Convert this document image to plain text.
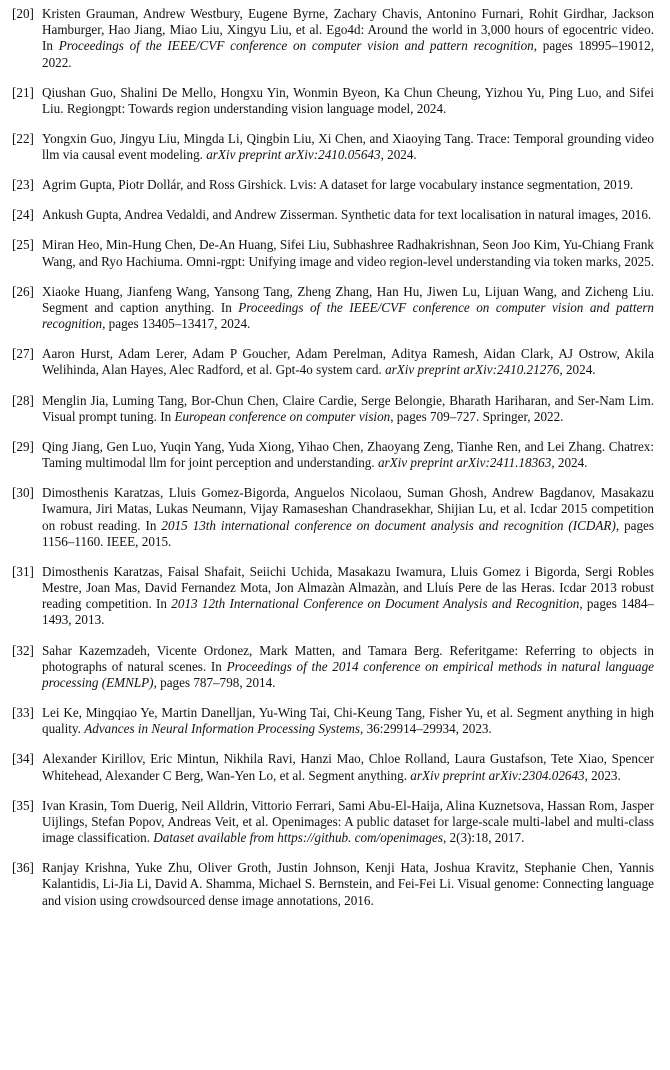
[20] Kristen Grauman, Andrew Westbury, Eugene Byrne, Zachary Chavis, Antonino Furnari, Rohit Girdhar, Jackson Hamburger, Hao Jiang, Miao Liu, Xingyu Liu, et al. Ego4d: Around the world in 3,000 hours of egocentric video. In Proceedings of the IEEE/CVF conference on computer vision and pattern recognition, pages 18995–19012, 2022.
[21] Qiushan Guo, Shalini De Mello, Hongxu Yin, Wonmin Byeon, Ka Chun Cheung, Yizhou Yu, Ping Luo, and Sifei Liu. Regiongpt: Towards region understanding vision language model, 2024.
[22] Yongxin Guo, Jingyu Liu, Mingda Li, Qingbin Liu, Xi Chen, and Xiaoying Tang. Trace: Temporal grounding video llm via causal event modeling. arXiv preprint arXiv:2410.05643, 2024.
[23] Agrim Gupta, Piotr Dollár, and Ross Girshick. Lvis: A dataset for large vocabulary instance segmentation, 2019.
[24] Ankush Gupta, Andrea Vedaldi, and Andrew Zisserman. Synthetic data for text localisation in natural images, 2016.
[25] Miran Heo, Min-Hung Chen, De-An Huang, Sifei Liu, Subhashree Radhakrishnan, Seon Joo Kim, Yu-Chiang Frank Wang, and Ryo Hachiuma. Omni-rgpt: Unifying image and video region-level understanding via token marks, 2025.
[26] Xiaoke Huang, Jianfeng Wang, Yansong Tang, Zheng Zhang, Han Hu, Jiwen Lu, Lijuan Wang, and Zicheng Liu. Segment and caption anything. In Proceedings of the IEEE/CVF conference on computer vision and pattern recognition, pages 13405–13417, 2024.
[27] Aaron Hurst, Adam Lerer, Adam P Goucher, Adam Perelman, Aditya Ramesh, Aidan Clark, AJ Ostrow, Akila Welihinda, Alan Hayes, Alec Radford, et al. Gpt-4o system card. arXiv preprint arXiv:2410.21276, 2024.
[28] Menglin Jia, Luming Tang, Bor-Chun Chen, Claire Cardie, Serge Belongie, Bharath Hariharan, and Ser-Nam Lim. Visual prompt tuning. In European conference on computer vision, pages 709–727. Springer, 2022.
[29] Qing Jiang, Gen Luo, Yuqin Yang, Yuda Xiong, Yihao Chen, Zhaoyang Zeng, Tianhe Ren, and Lei Zhang. Chatrex: Taming multimodal llm for joint perception and understanding. arXiv preprint arXiv:2411.18363, 2024.
[30] Dimosthenis Karatzas, Lluis Gomez-Bigorda, Anguelos Nicolaou, Suman Ghosh, Andrew Bagdanov, Masakazu Iwamura, Jiri Matas, Lukas Neumann, Vijay Ramaseshan Chandrasekhar, Shijian Lu, et al. Icdar 2015 competition on robust reading. In 2015 13th international conference on document analysis and recognition (ICDAR), pages 1156–1160. IEEE, 2015.
[31] Dimosthenis Karatzas, Faisal Shafait, Seiichi Uchida, Masakazu Iwamura, Lluis Gomez i Bigorda, Sergi Robles Mestre, Joan Mas, David Fernandez Mota, Jon Almazàn Almazàn, and Lluís Pere de las Heras. Icdar 2013 robust reading competition. In 2013 12th International Conference on Document Analysis and Recognition, pages 1484–1493, 2013.
[32] Sahar Kazemzadeh, Vicente Ordonez, Mark Matten, and Tamara Berg. Referitgame: Referring to objects in photographs of natural scenes. In Proceedings of the 2014 conference on empirical methods in natural language processing (EMNLP), pages 787–798, 2014.
[33] Lei Ke, Mingqiao Ye, Martin Danelljan, Yu-Wing Tai, Chi-Keung Tang, Fisher Yu, et al. Segment anything in high quality. Advances in Neural Information Processing Systems, 36:29914–29934, 2023.
[34] Alexander Kirillov, Eric Mintun, Nikhila Ravi, Hanzi Mao, Chloe Rolland, Laura Gustafson, Tete Xiao, Spencer Whitehead, Alexander C Berg, Wan-Yen Lo, et al. Segment anything. arXiv preprint arXiv:2304.02643, 2023.
[35] Ivan Krasin, Tom Duerig, Neil Alldrin, Vittorio Ferrari, Sami Abu-El-Haija, Alina Kuznetsova, Hassan Rom, Jasper Uijlings, Stefan Popov, Andreas Veit, et al. Openimages: A public dataset for large-scale multi-label and multi-class image classification. Dataset available from https://github. com/openimages, 2(3):18, 2017.
[36] Ranjay Krishna, Yuke Zhu, Oliver Groth, Justin Johnson, Kenji Hata, Joshua Kravitz, Stephanie Chen, Yannis Kalantidis, Li-Jia Li, David A. Shamma, Michael S. Bernstein, and Fei-Fei Li. Visual genome: Connecting language and vision using crowdsourced dense image annotations, 2016.
